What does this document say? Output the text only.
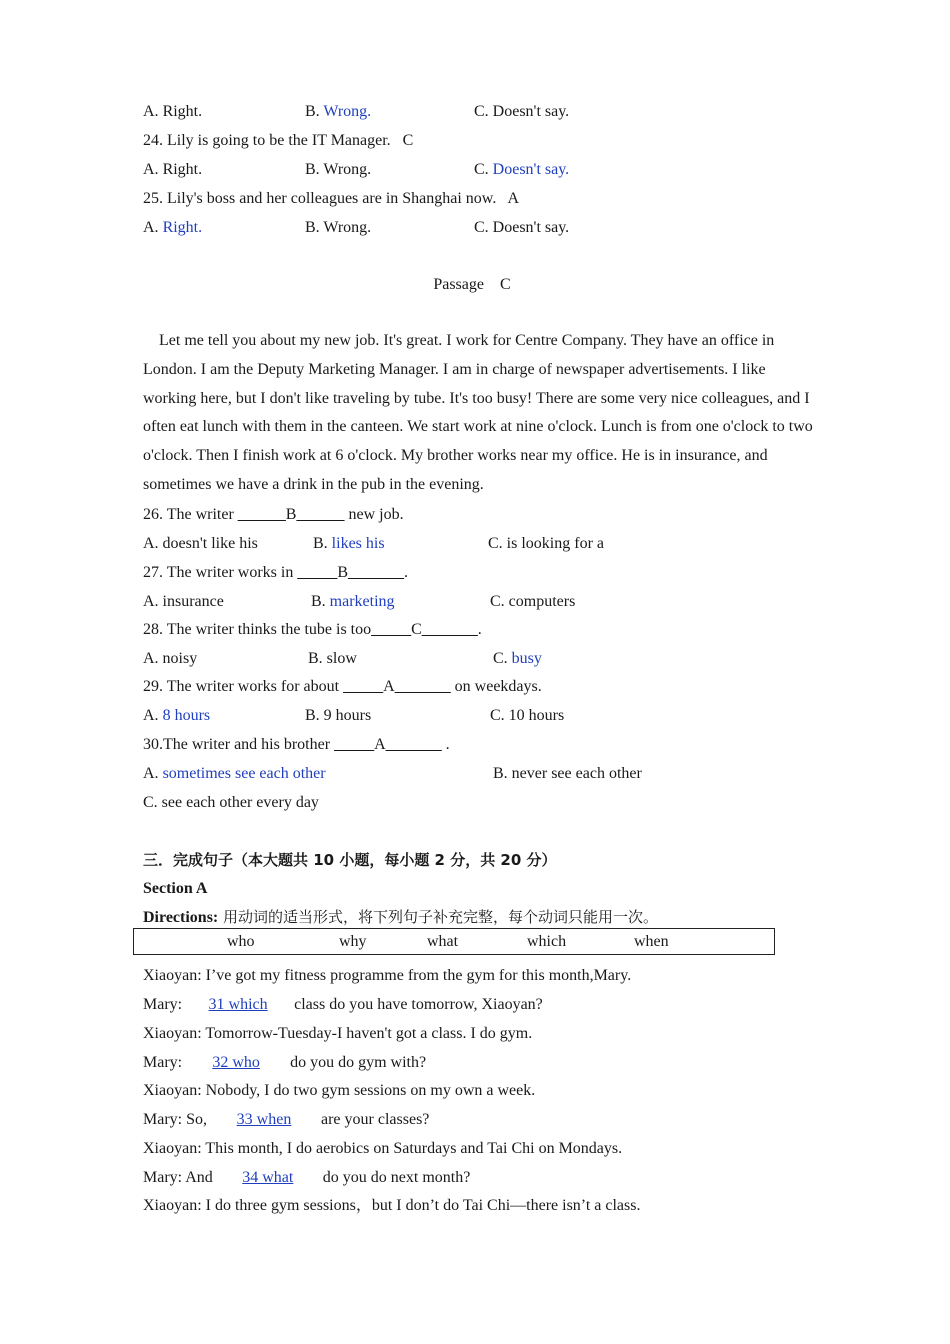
A. Right.	B. Wrong.	C. Doesn't say.
24. Lily is going to be the IT Manager. C
A. Right.	B. Wrong.	C. Doesn't say.
25. Lily's boss and her colleagues are in Shanghai now. A
A. Right.	B. Wrong.	C. Doesn't say.
Passage    C

Let me tell you about my new job. It's great. I work for Centre Company. They have an office in London. I am the Deputy Marketing Manager. I am in charge of newspaper advertisements. I like working here, but I don't like traveling by tube. It's too busy! There are some very nice colleagues, and I often eat lunch with them in the canteen. We start work at nine o'clock. Lunch is from one o'clock to two o'clock. Then I finish work at 6 o'clock. My brother works near my office. He is in insurance, and sometimes we have a drink in the pub in the evening.

26. The writer ______B______ new job.
A. doesn't like his	B. likes his	C. is looking for a
27. The writer works in _____B_______.
A. insurance	B. marketing	C. computers
28. The writer thinks the tube is too_____C_______.
A. noisy	B. slow	C. busy
29. The writer works for about _____A_______ on weekdays.
A. 8 hours	B. 9 hours	C. 10 hours
30.The writer and his brother _____A_______ .
A. sometimes see each other	B. never see each other
C. see each other every day
三．完成句子（本大题共 10 小题，每小题 2 分，共 20 分）
Section A
Directions: 用动词的适当形式，将下列句子补充完整，每个动词只能用一次。
who	why	what	which	when
Xiaoyan: I’ve got my fitness programme from the gym for this month,Mary.
Mary: 31 which class do you have tomorrow, Xiaoyan?
Xiaoyan: Tomorrow-Tuesday-I haven't got a class. I do gym.
Mary: 32 who do you do gym with?
Xiaoyan: Nobody, I do two gym sessions on my own a week.
Mary: So, 33 when are your classes?
Xiaoyan: This month, I do aerobics on Saturdays and Tai Chi on Mondays.
Mary: And 34 what do you do next month?
Xiaoyan: I do three gym sessions，but I don’t do Tai Chi—there isn’t a class.
